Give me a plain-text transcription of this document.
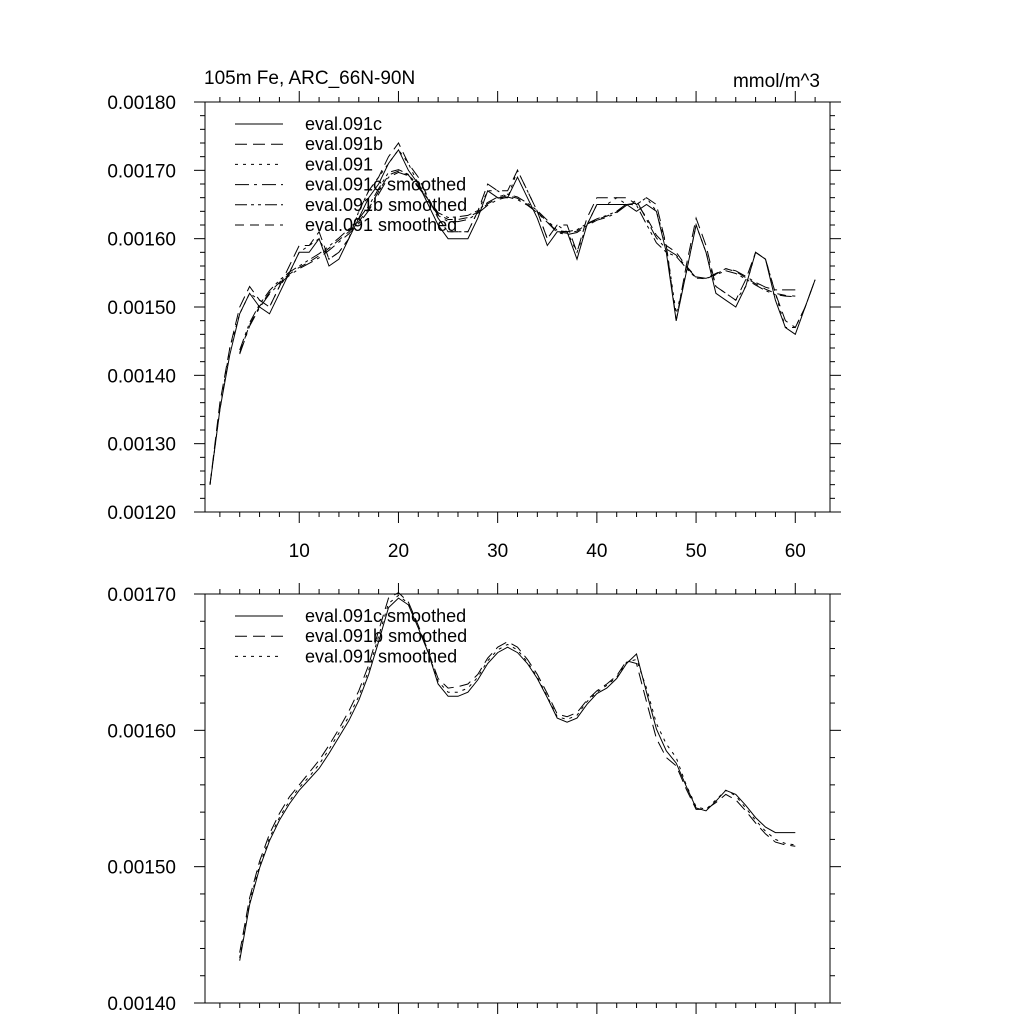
105m Fe, ARC_66N-90N	mmol/m^3
10	20	30	40	50	60
0.00120
0.00130
0.00140
0.00150
0.00160
0.00170
0.00180
eval.091c
eval.091b
eval.091
eval.091c smoothed
eval.091b smoothed
eval.091 smoothed
0.00140
0.00150
0.00160
0.00170
eval.091c smoothed
eval.091b smoothed
eval.091 smoothed
